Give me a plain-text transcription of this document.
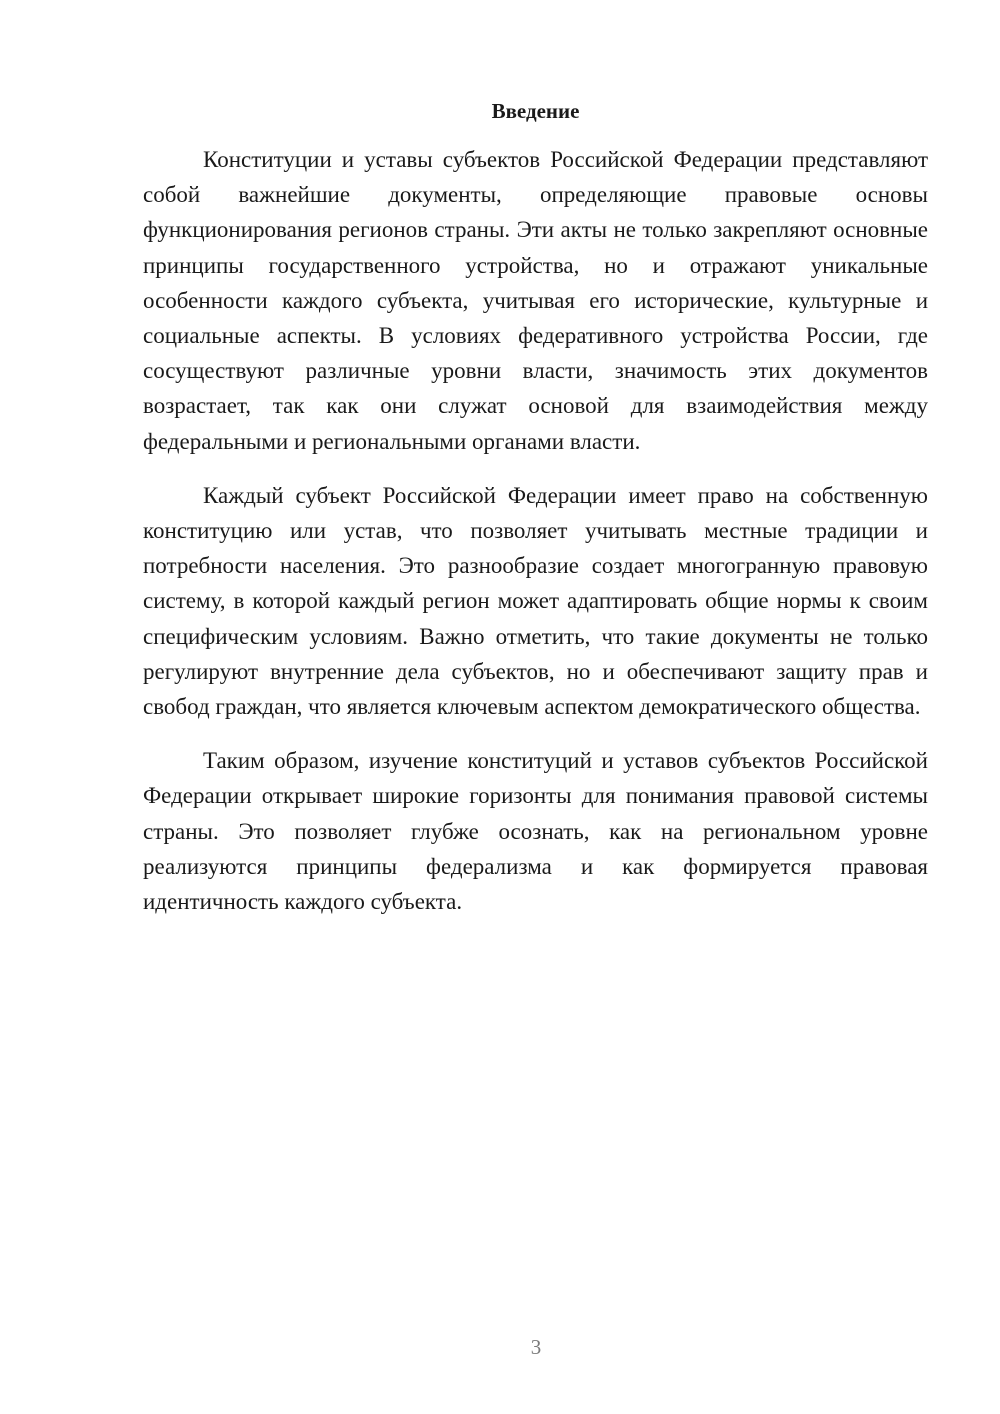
Введение

Конституции и уставы субъектов Российской Федерации представляют собой важнейшие документы, определяющие правовые основы функционирования регионов страны. Эти акты не только закрепляют основные принципы государственного устройства, но и отражают уникальные особенности каждого субъекта, учитывая его исторические, культурные и социальные аспекты. В условиях федеративного устройства России, где сосуществуют различные уровни власти, значимость этих документов возрастает, так как они служат основой для взаимодействия между федеральными и региональными органами власти.

Каждый субъект Российской Федерации имеет право на собственную конституцию или устав, что позволяет учитывать местные традиции и потребности населения. Это разнообразие создает многогранную правовую систему, в которой каждый регион может адаптировать общие нормы к своим специфическим условиям. Важно отметить, что такие документы не только регулируют внутренние дела субъектов, но и обеспечивают защиту прав и свобод граждан, что является ключевым аспектом демократического общества.

Таким образом, изучение конституций и уставов субъектов Российской Федерации открывает широкие горизонты для понимания правовой системы страны. Это позволяет глубже осознать, как на региональном уровне реализуются принципы федерализма и как формируется правовая идентичность каждого субъекта.

3
